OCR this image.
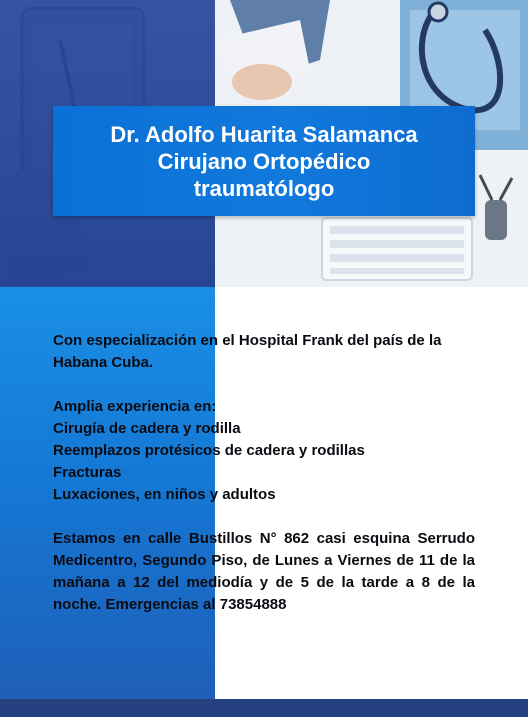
Dr. Adolfo Huarita Salamanca
Cirujano Ortopédico
traumatólogo

Con especialización en el Hospital Frank del país de la Habana Cuba.

Amplia experiencia en:

Cirugía de cadera y rodilla

Reemplazos protésicos de cadera y rodillas

Fracturas

Luxaciones, en niños y adultos

Estamos en calle Bustillos N° 862 casi esquina Serrudo Medicentro, Segundo Piso, de Lunes a Viernes de 11 de la mañana a 12 del mediodía y de 5 de la tarde a 8 de la noche. Emergencias al 73854888
